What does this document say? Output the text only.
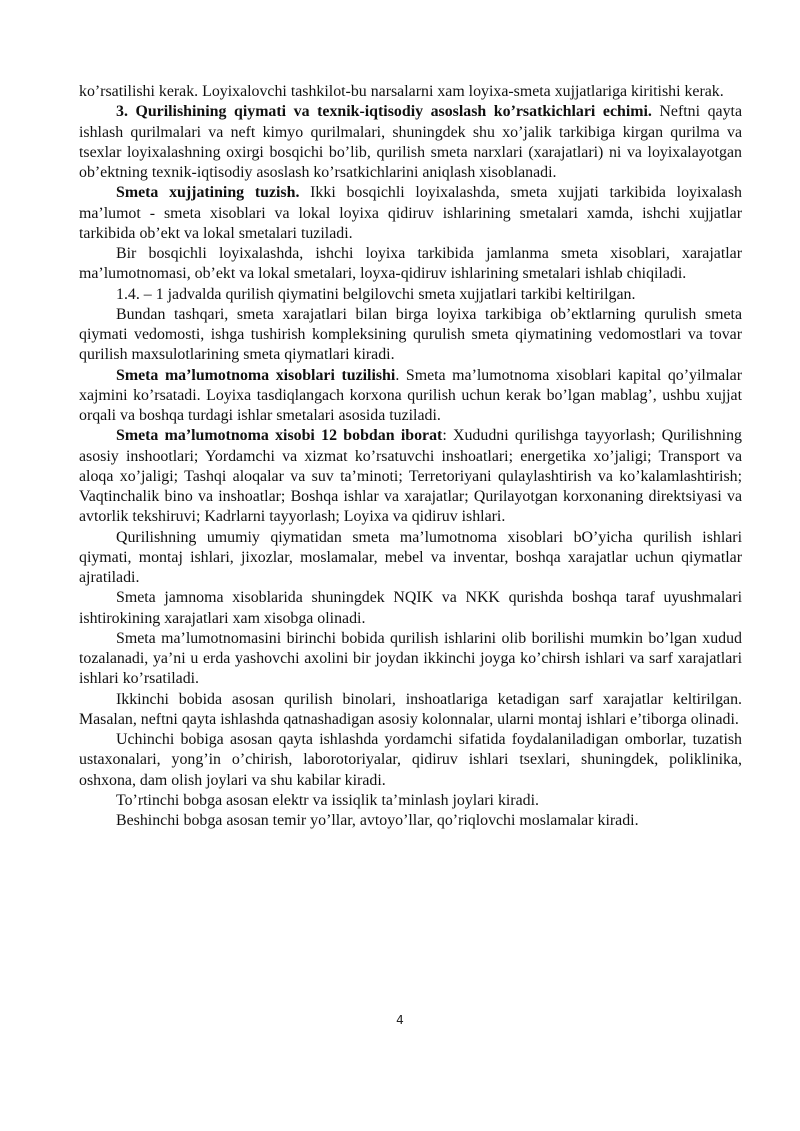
ko’rsatilishi kerak. Loyixalovchi tashkilot-bu narsalarni xam loyixa-smeta xujjatlariga kiritishi kerak.

3. Qurilishining qiymati va texnik-iqtisodiy asoslash ko’rsatkichlari echimi. Neftni qayta ishlash qurilmalari va neft kimyo qurilmalari, shuningdek shu xo’jalik tarkibiga kirgan qurilma va tsexlar loyixalashning oxirgi bosqichi bo’lib, qurilish smeta narxlari (xarajatlari) ni va loyixalayotgan ob’ektning texnik-iqtisodiy asoslash ko’rsatkichlarini aniqlash xisoblanadi.

Smeta xujjatining tuzish. Ikki bosqichli loyixalashda, smeta xujjati tarkibida loyixalash ma’lumot - smeta xisoblari va lokal loyixa qidiruv ishlarining smetalari xamda, ishchi xujjatlar tarkibida ob’ekt va lokal smetalari tuziladi.

Bir bosqichli loyixalashda, ishchi loyixa tarkibida jamlanma smeta xisoblari, xarajatlar ma’lumotnomasi, ob’ekt va lokal smetalari, loyxa-qidiruv ishlarining smetalari ishlab chiqiladi.

1.4. – 1 jadvalda qurilish qiymatini belgilovchi smeta xujjatlari tarkibi keltirilgan.

Bundan tashqari, smeta xarajatlari bilan birga loyixa tarkibiga ob’ektlarning qurulish smeta qiymati vedomosti, ishga tushirish kompleksining qurulish smeta qiymatining vedomostlari va tovar qurilish maxsulotlarining smeta qiymatlari kiradi.

Smeta ma’lumotnoma xisoblari tuzilishi. Smeta ma’lumotnoma xisoblari kapital qo’yilmalar xajmini ko’rsatadi. Loyixa tasdiqlangach korxona qurilish uchun kerak bo’lgan mablag’, ushbu xujjat orqali va boshqa turdagi ishlar smetalari asosida tuziladi.

Smeta ma’lumotnoma xisobi 12 bobdan iborat: Xududni qurilishga tayyorlash; Qurilishning asosiy inshootlari; Yordamchi va xizmat ko’rsatuvchi inshoatlari; energetika xo’jaligi; Transport va aloqa xo’jaligi; Tashqi aloqalar va suv ta’minoti; Terretoriyani qulaylashtirish va ko’kalamlashtirish; Vaqtinchalik bino va inshoatlar; Boshqa ishlar va xarajatlar; Qurilayotgan korxonaning direktsiyasi va avtorlik tekshiruvi; Kadrlarni tayyorlash; Loyixa va qidiruv ishlari.

Qurilishning umumiy qiymatidan smeta ma’lumotnoma xisoblari bO’yicha qurilish ishlari qiymati, montaj ishlari, jixozlar, moslamalar, mebel va inventar, boshqa xarajatlar uchun qiymatlar ajratiladi.

Smeta jamnoma xisoblarida shuningdek NQIK va NKK qurishda boshqa taraf uyushmalari ishtirokining xarajatlari xam xisobga olinadi.

Smeta ma’lumotnomasini birinchi bobida qurilish ishlarini olib borilishi mumkin bo’lgan xudud tozalanadi, ya’ni u erda yashovchi axolini bir joydan ikkinchi joyga ko’chirsh ishlari va sarf xarajatlari ishlari ko’rsatiladi.

Ikkinchi bobida asosan qurilish binolari, inshoatlariga ketadigan sarf xarajatlar keltirilgan. Masalan, neftni qayta ishlashda qatnashadigan asosiy kolonnalar, ularni montaj ishlari e’tiborga olinadi.

Uchinchi bobiga asosan qayta ishlashda yordamchi sifatida foydalaniladigan omborlar, tuzatish ustaxonalari, yong’in o’chirish, laborotoriyalar, qidiruv ishlari tsexlari, shuningdek, poliklinika, oshxona, dam olish joylari va shu kabilar kiradi.

To’rtinchi bobga asosan elektr va issiqlik ta’minlash joylari kiradi.

Beshinchi bobga asosan temir yo’llar, avtoyo’llar, qo’riqlovchi moslamalar kiradi.

4
